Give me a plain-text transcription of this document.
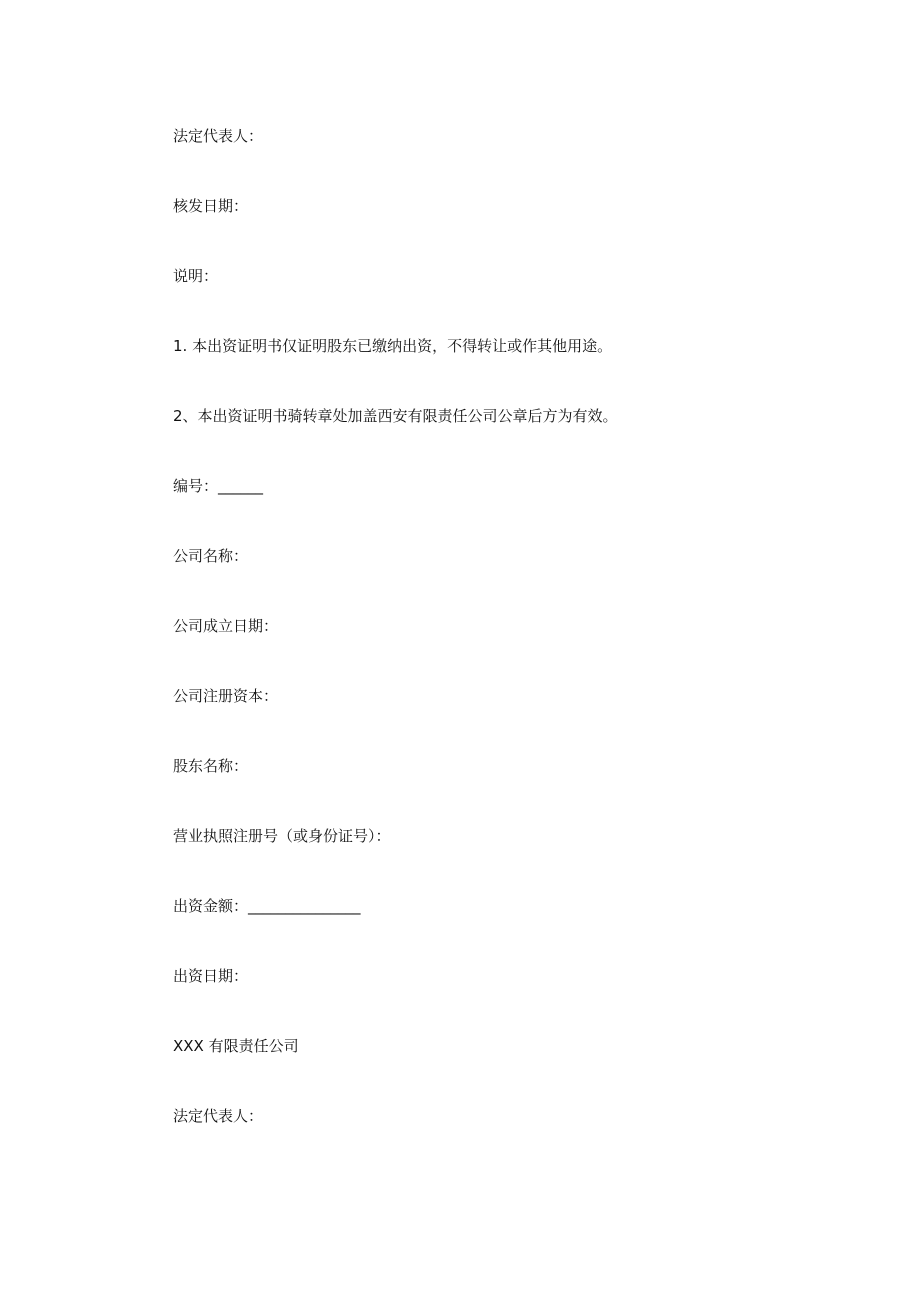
法定代表人：
核发日期：
说明：
1. 本出资证明书仅证明股东已缴纳出资，不得转让或作其他用途。
2、本出资证明书骑转章处加盖西安有限责任公司公章后方为有效。
编号：______
公司名称：
公司成立日期：
公司注册资本：
股东名称：
营业执照注册号（或身份证号）：
出资金额：_______________
出资日期：
XXX 有限责任公司
法定代表人：
